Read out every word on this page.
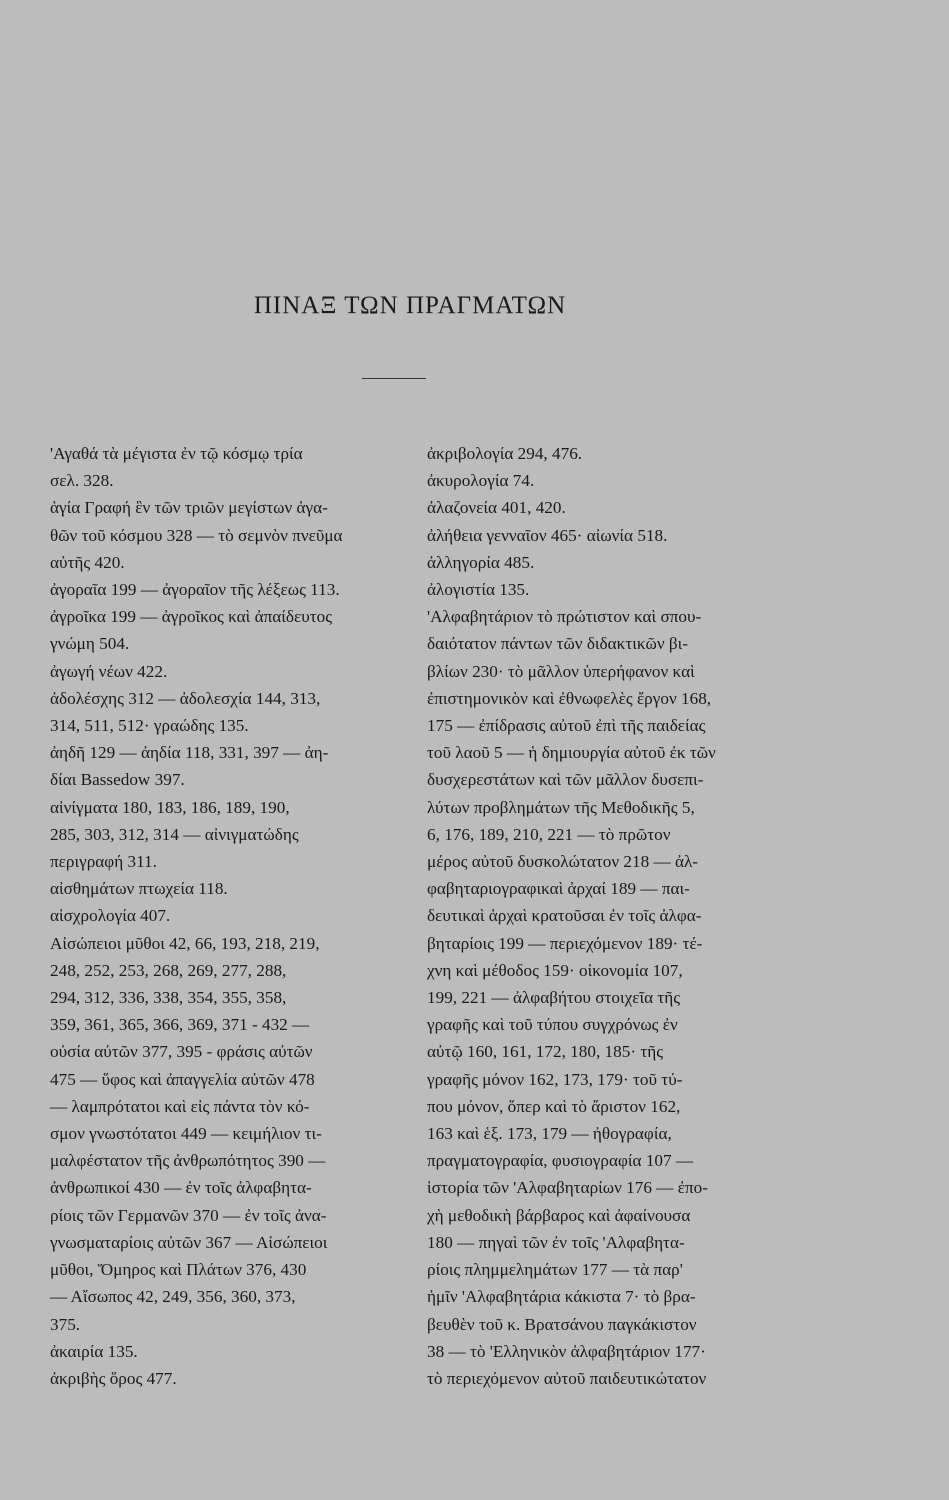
ΠΙΝΑΞ ΤΩΝ ΠΡΑΓΜΑΤΩΝ
'Αγαθά τὰ μέγιστα ἐν τῷ κόσμῳ τρία
σελ. 328.
ἁγία Γραφή ἓν τῶν τριῶν μεγίστων ἀγα-
θῶν τοῦ κόσμου 328 — τὸ σεμνὸν πνεῦμα
αὐτῆς 420.
ἀγοραῖα 199 — ἀγοραῖον τῆς λέξεως 113.
ἀγροῖκα 199 — ἀγροῖκος καὶ ἀπαίδευτος
γνώμη 504.
ἀγωγή νέων 422.
ἀδολέσχης 312 — ἀδολεσχία 144, 313,
314, 511, 512· γραώδης 135.
ἀηδῆ 129 — ἀηδία 118, 331, 397 — ἀη-
δίαι Bassedow 397.
αἰνίγματα 180, 183, 186, 189, 190,
285, 303, 312, 314 — αἰνιγματώδης
περιγραφή 311.
αἰσθημάτων πτωχεία 118.
αἰσχρολογία 407.
Αἰσώπειοι μῦθοι 42, 66, 193, 218, 219,
248, 252, 253, 268, 269, 277, 288,
294, 312, 336, 338, 354, 355, 358,
359, 361, 365, 366, 369, 371 - 432 —
οὐσία αὐτῶν 377, 395 - φράσις αὐτῶν
475 — ὕφος καὶ ἀπαγγελία αὐτῶν 478
— λαμπρότατοι καὶ εἰς πάντα τὸν κό-
σμον γνωστότατοι 449 — κειμήλιον τι-
μαλφέστατον τῆς ἀνθρωπότητος 390 —
ἀνθρωπικοί 430 — ἐν τοῖς ἀλφαβητα-
ρίοις τῶν Γερμανῶν 370 — ἐν τοῖς ἀνα-
γνωσματαρίοις αὐτῶν 367 — Αἰσώπειοι
μῦθοι, Ὅμηρος καὶ Πλάτων 376, 430
— Αἴσωπος 42, 249, 356, 360, 373,
375.
ἀκαιρία 135.
ἀκριβὴς ὅρος 477.
ἀκριβολογία 294, 476.
ἀκυρολογία 74.
ἀλαζονεία 401, 420.
ἀλήθεια γενναῖον 465· αἰωνία 518.
ἀλληγορία 485.
ἀλογιστία 135.
'Αλφαβητάριον τὸ πρώτιστον καὶ σπου-
δαιότατον πάντων τῶν διδακτικῶν βι-
βλίων 230· τὸ μᾶλλον ὑπερήφανον καὶ
ἐπιστημονικὸν καὶ ἐθνωφελὲς ἔργον 168,
175 — ἐπίδρασις αὐτοῦ ἐπὶ τῆς παιδείας
τοῦ λαοῦ 5 — ἡ δημιουργία αὐτοῦ ἐκ τῶν
δυσχερεστάτων καὶ τῶν μᾶλλον δυσεπι-
λύτων προβλημάτων τῆς Μεθοδικῆς 5,
6, 176, 189, 210, 221 — τὸ πρῶτον
μέρος αὐτοῦ δυσκολώτατον 218 — ἀλ-
φαβηταριογραφικαὶ ἀρχαί 189 — παι-
δευτικαὶ ἀρχαὶ κρατοῦσαι ἐν τοῖς ἀλφα-
βηταρίοις 199 — περιεχόμενον 189· τέ-
χνη καὶ μέθοδος 159· οἰκονομία 107,
199, 221 — ἀλφαβήτου στοιχεῖα τῆς
γραφῆς καὶ τοῦ τύπου συγχρόνως ἐν
αὐτῷ 160, 161, 172, 180, 185· τῆς
γραφῆς μόνον 162, 173, 179· τοῦ τύ-
που μόνον, ὅπερ καὶ τὸ ἄριστον 162,
163 καὶ ἑξ. 173, 179 — ἠθογραφία,
πραγματογραφία, φυσιογραφία 107 —
ἱστορία τῶν 'Αλφαβηταρίων 176 — ἐπο-
χὴ μεθοδικὴ βάρβαρος καὶ ἀφαίνουσα
180 — πηγαὶ τῶν ἐν τοῖς 'Αλφαβητα-
ρίοις πλημμελημάτων 177 — τὰ παρ'
ἡμῖν 'Αλφαβητάρια κάκιστα 7· τὸ βρα-
βευθὲν τοῦ κ. Βρατσάνου παγκάκιστον
38 — τὸ 'Ελληνικὸν ἀλφαβητάριον 177·
τὸ περιεχόμενον αὐτοῦ παιδευτικώτατον
